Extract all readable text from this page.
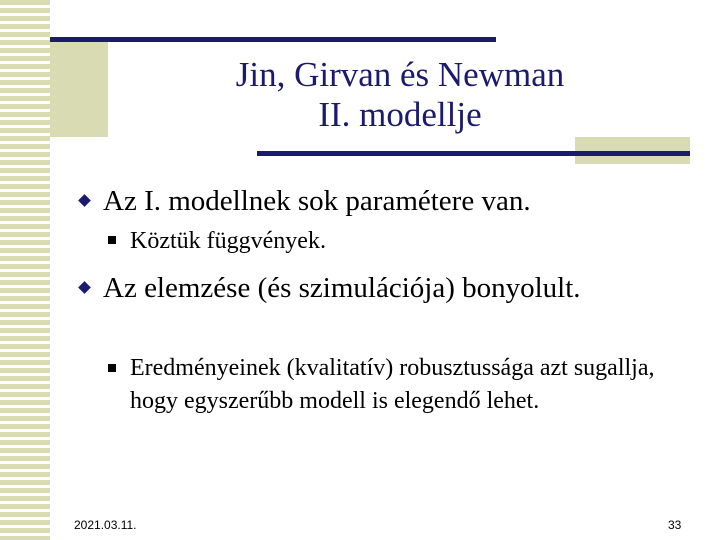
Jin, Girvan és Newman
II. modellje
Az I. modellnek sok paramétere van.
Köztük függvények.
Az elemzése (és szimulációja) bonyolult.
Eredményeinek (kvalitatív) robusztussága azt sugallja, hogy egyszerűbb modell is elegendő lehet.
2021.03.11.	33
